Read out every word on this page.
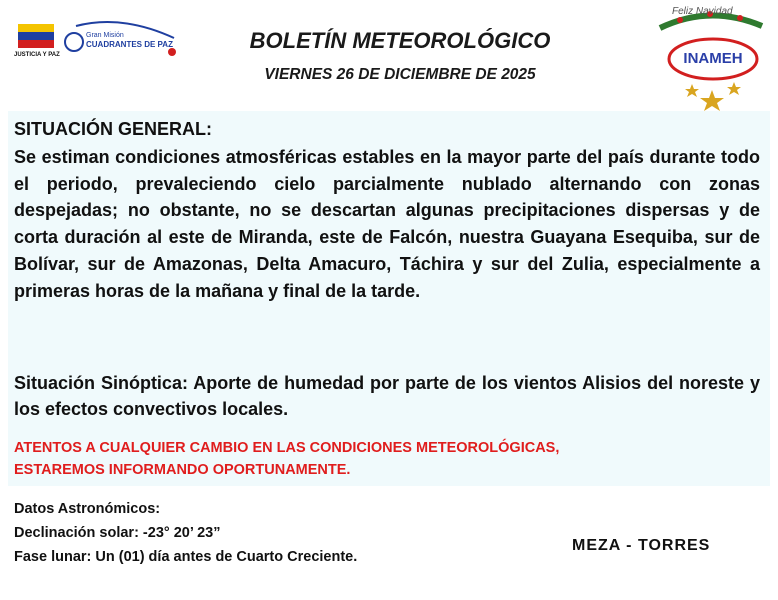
JUSTICIA Y PAZ
Gran Misión
CUADRANTES DE PAZ	BOLETÍN METEOROLÓGICO
VIERNES 26 DE DICIEMBRE DE 2025
Feliz Navidad
INAMEH
SITUACIÓN GENERAL:
Se estiman condiciones atmosféricas estables en la mayor parte del país durante todo el periodo, prevaleciendo cielo parcialmente nublado alternando con zonas despejadas; no obstante, no se descartan algunas precipitaciones dispersas y de corta duración al este de Miranda, este de Falcón, nuestra Guayana Esequiba, sur de Bolívar, sur de Amazonas, Delta Amacuro, Táchira y sur del Zulia, especialmente a primeras horas de la mañana y final de la tarde.
Situación Sinóptica: Aporte de humedad por parte de los vientos Alisios del noreste y los efectos convectivos locales.
ATENTOS A CUALQUIER CAMBIO EN LAS CONDICIONES METEOROLÓGICAS,
ESTAREMOS INFORMANDO OPORTUNAMENTE.
Datos Astronómicos:
Declinación solar: -23° 20’ 23”
Fase lunar: Un (01) día antes de Cuarto Creciente.
MEZA - TORRES
